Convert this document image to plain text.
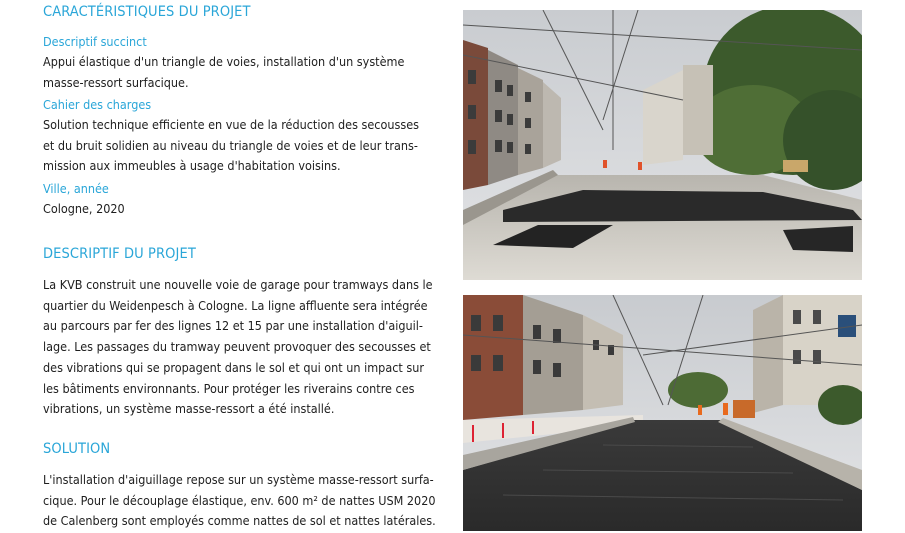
CARACTÉRISTIQUES DU PROJET
Descriptif succinct
Appui élastique d'un triangle de voies, installation d'un système
masse-ressort surfacique.
Cahier des charges
Solution technique efficiente en vue de la réduction des secousses
et du bruit solidien au niveau du triangle de voies et de leur trans-
mission aux immeubles à usage d'habitation voisins.
Ville, année
Cologne, 2020
DESCRIPTIF DU PROJET
La KVB construit une nouvelle voie de garage pour tramways dans le
quartier du Weidenpesch à Cologne. La ligne affluente sera intégrée
au parcours par fer des lignes 12 et 15 par une installation d'aiguil-
lage. Les passages du tramway peuvent provoquer des secousses et
des vibrations qui se propagent dans le sol et qui ont un impact sur
les bâtiments environnants. Pour protéger les riverains contre ces
vibrations, un système masse-ressort a été installé.
SOLUTION
L'installation d'aiguillage repose sur un système masse-ressort surfa-
cique. Pour le découplage élastique, env. 600 m² de nattes USM 2020
de Calenberg sont employés comme nattes de sol et nattes latérales.
